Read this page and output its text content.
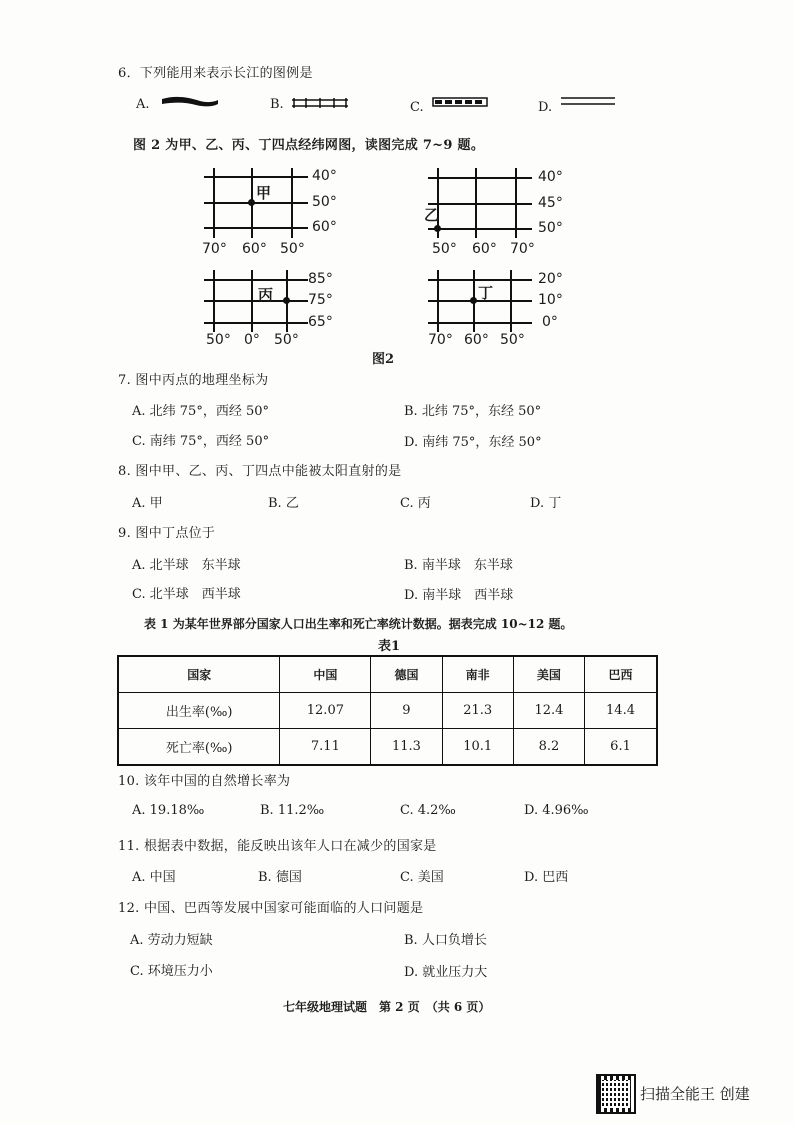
6．下列能用来表示长江的图例是
A.	B.	C.	D.
图 2 为甲、乙、丙、丁四点经纬网图，读图完成 7~9 题。
甲
40°
50°
60°
70° 60° 50°
乙
40°
45°
50°
50° 60° 70°
丙
85°
75°
65°
50° 0° 50°
丁
20°
10°
0°
70° 60° 50°
图2
7. 图中丙点的地理坐标为
A. 北纬 75°，西经 50°	B. 北纬 75°，东经 50°
C. 南纬 75°，西经 50°	D. 南纬 75°，东经 50°
8. 图中甲、乙、丙、丁四点中能被太阳直射的是
A. 甲	B. 乙	C. 丙	D. 丁
9. 图中丁点位于
A. 北半球　东半球	B. 南半球　东半球
C. 北半球　西半球	D. 南半球　西半球
表 1 为某年世界部分国家人口出生率和死亡率统计数据。据表完成 10~12 题。
表1
国家	中国	德国	南非	美国	巴西
出生率(‰)	12.07	9	21.3	12.4	14.4
死亡率(‰)	7.11	11.3	10.1	8.2	6.1
10. 该年中国的自然增长率为
A. 19.18‰	B. 11.2‰	C. 4.2‰	D. 4.96‰
11. 根据表中数据，能反映出该年人口在减少的国家是
A. 中国	B. 德国	C. 美国	D. 巴西
12. 中国、巴西等发展中国家可能面临的人口问题是
A. 劳动力短缺	B. 人口负增长
C. 环境压力小	D. 就业压力大
七年级地理试题　第 2 页　（共 6 页）
扫描全能王 创建
